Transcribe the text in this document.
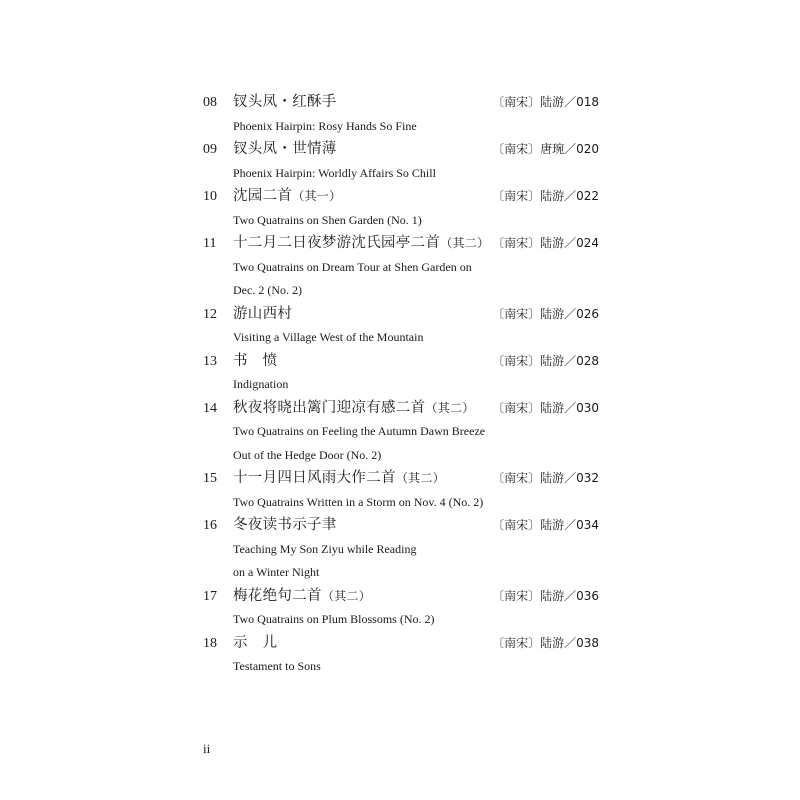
08 钗头凤・红酥手	〔南宋〕陆游／018
Phoenix Hairpin: Rosy Hands So Fine
09 钗头凤・世情薄	〔南宋〕唐琬／020
Phoenix Hairpin: Worldly Affairs So Chill
10 沈园二首（其一）	〔南宋〕陆游／022
Two Quatrains on Shen Garden (No. 1)
11 十二月二日夜梦游沈氏园亭二首（其二） 〔南宋〕陆游／024
Two Quatrains on Dream Tour at Shen Garden on
Dec. 2 (No. 2)
12 游山西村	〔南宋〕陆游／026
Visiting a Village West of the Mountain
13 书　愤	〔南宋〕陆游／028
Indignation
14 秋夜将晓出篱门迎凉有感二首（其二） 〔南宋〕陆游／030
Two Quatrains on Feeling the Autumn Dawn Breeze
Out of the Hedge Door (No. 2)
15 十一月四日风雨大作二首（其二）	〔南宋〕陆游／032
Two Quatrains Written in a Storm on Nov. 4 (No. 2)
16 冬夜读书示子聿	〔南宋〕陆游／034
Teaching My Son Ziyu while Reading
on a Winter Night
17 梅花绝句二首（其二）	〔南宋〕陆游／036
Two Quatrains on Plum Blossoms (No. 2)
18 示　儿	〔南宋〕陆游／038
Testament to Sons
ii
